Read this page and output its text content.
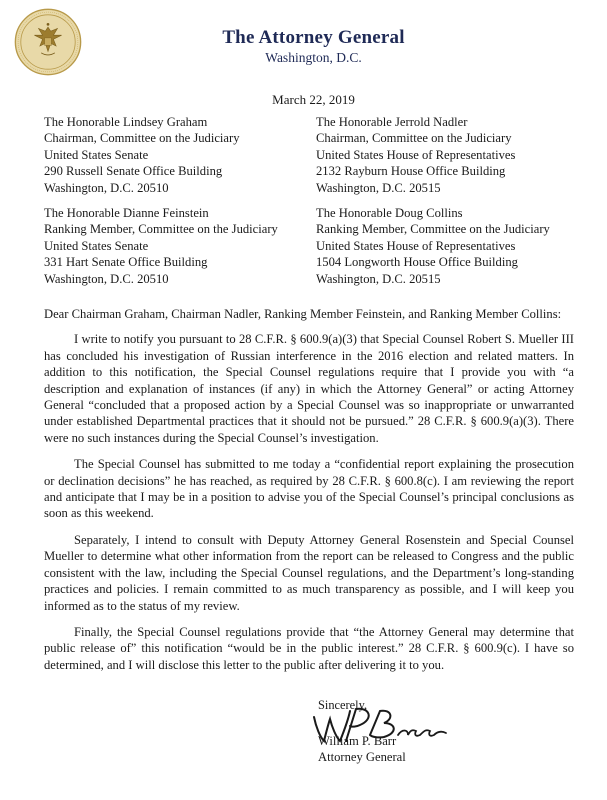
The Attorney General
Washington, D.C.
March 22, 2019
The Honorable Lindsey Graham
Chairman, Committee on the Judiciary
United States Senate
290 Russell Senate Office Building
Washington, D.C. 20510
The Honorable Jerrold Nadler
Chairman, Committee on the Judiciary
United States House of Representatives
2132 Rayburn House Office Building
Washington, D.C. 20515
The Honorable Dianne Feinstein
Ranking Member, Committee on the Judiciary
United States Senate
331 Hart Senate Office Building
Washington, D.C. 20510
The Honorable Doug Collins
Ranking Member, Committee on the Judiciary
United States House of Representatives
1504 Longworth House Office Building
Washington, D.C. 20515

Dear Chairman Graham, Chairman Nadler, Ranking Member Feinstein, and Ranking Member Collins:

I write to notify you pursuant to 28 C.F.R. § 600.9(a)(3) that Special Counsel Robert S. Mueller III has concluded his investigation of Russian interference in the 2016 election and related matters. In addition to this notification, the Special Counsel regulations require that I provide you with “a description and explanation of instances (if any) in which the Attorney General” or acting Attorney General “concluded that a proposed action by a Special Counsel was so inappropriate or unwarranted under established Departmental practices that it should not be pursued.” 28 C.F.R. § 600.9(a)(3). There were no such instances during the Special Counsel’s investigation.

The Special Counsel has submitted to me today a “confidential report explaining the prosecution or declination decisions” he has reached, as required by 28 C.F.R. § 600.8(c). I am reviewing the report and anticipate that I may be in a position to advise you of the Special Counsel’s principal conclusions as soon as this weekend.

Separately, I intend to consult with Deputy Attorney General Rosenstein and Special Counsel Mueller to determine what other information from the report can be released to Congress and the public consistent with the law, including the Special Counsel regulations, and the Department’s long-standing practices and policies. I remain committed to as much transparency as possible, and I will keep you informed as to the status of my review.

Finally, the Special Counsel regulations provide that “the Attorney General may determine that public release of” this notification “would be in the public interest.” 28 C.F.R. § 600.9(c). I have so determined, and I will disclose this letter to the public after delivering it to you.

Sincerely,
William P. Barr
Attorney General
